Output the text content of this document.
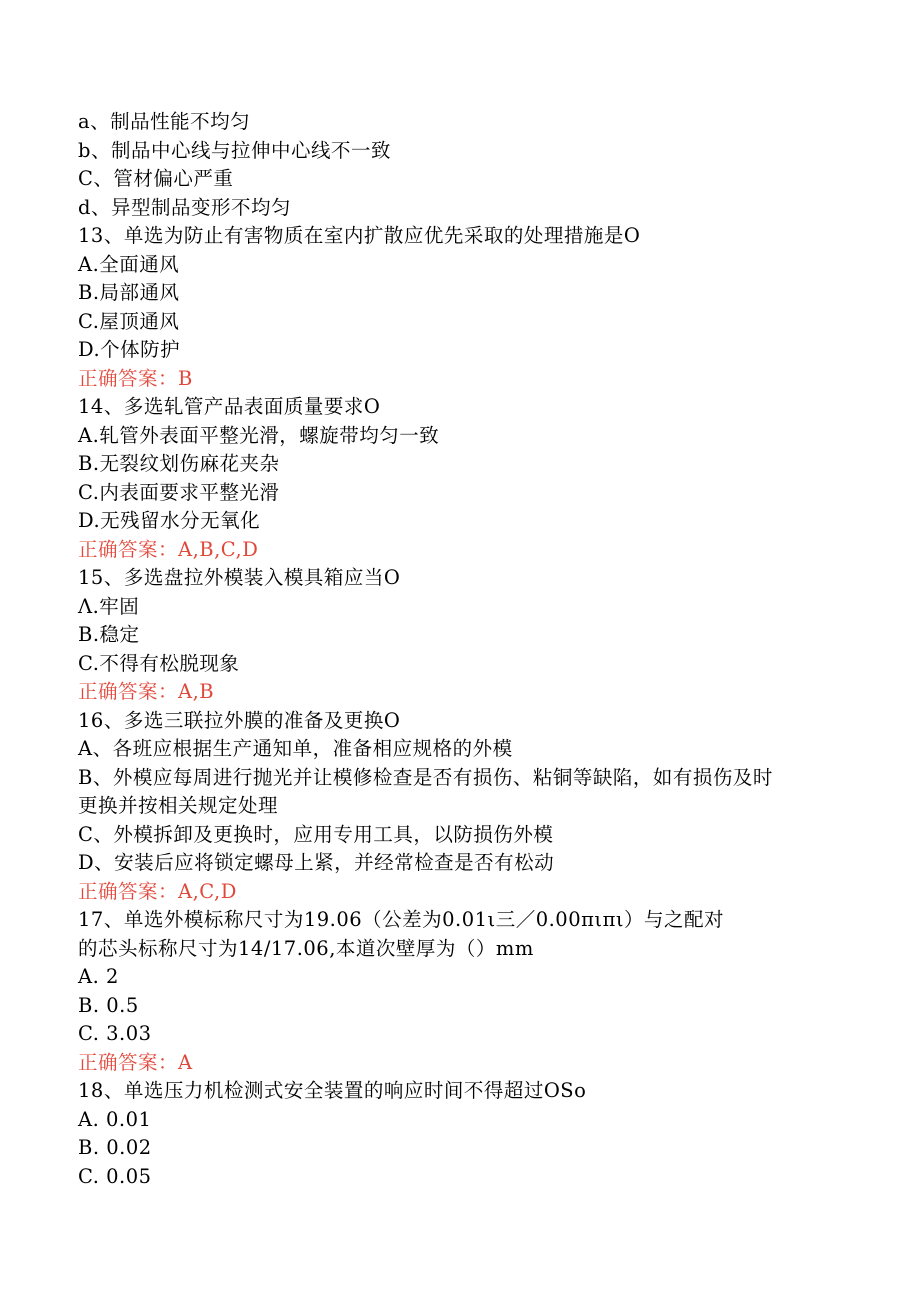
a、制品性能不均匀
b、制品中心线与拉伸中心线不一致
C、管材偏心严重
d、异型制品变形不均匀
13、单选为防止有害物质在室内扩散应优先采取的处理措施是O
A.全面通风
B.局部通风
C.屋顶通风
D.个体防护
正确答案：B
14、多选轧管产品表面质量要求O
A.轧管外表面平整光滑，螺旋带均匀一致
B.无裂纹划伤麻花夹杂
C.内表面要求平整光滑
D.无残留水分无氧化
正确答案：A,B,C,D
15、多选盘拉外模装入模具箱应当O
Λ.牢固
B.稳定
C.不得有松脱现象
正确答案：A,B
16、多选三联拉外膜的准备及更换O
A、各班应根据生产通知单，准备相应规格的外模
B、外模应每周进行抛光并让模修检查是否有损伤、粘铜等缺陷，如有损伤及时
更换并按相关规定处理
C、外模拆卸及更换时，应用专用工具，以防损伤外模
D、安装后应将锁定螺母上紧，并经常检查是否有松动
正确答案：A,C,D
17、单选外模标称尺寸为19.06（公差为0.01ι三／0.00πιπι）与之配对
的芯头标称尺寸为14/17.06,本道次壁厚为（）mm
A. 2
B. 0.5
C. 3.03
正确答案：A
18、单选压力机检测式安全装置的响应时间不得超过OSo
A. 0.01
B. 0.02
C. 0.05
